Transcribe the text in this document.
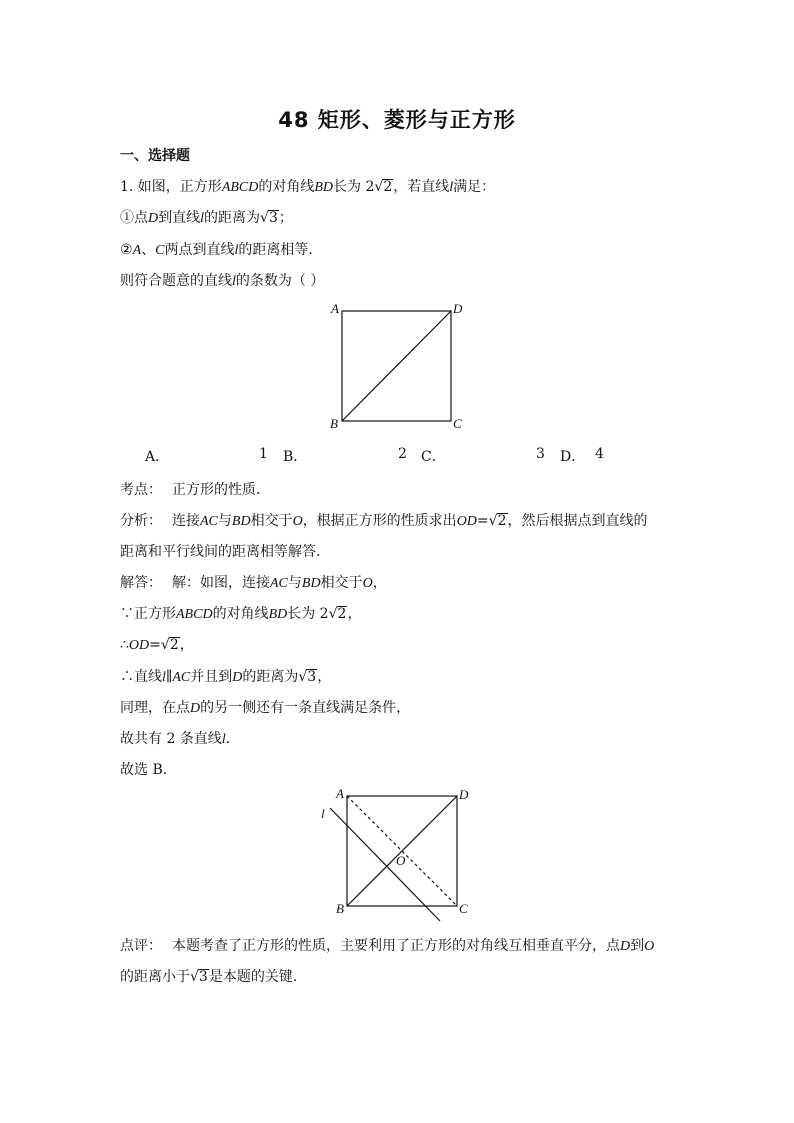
48 矩形、菱形与正方形
一、选择题
1. 如图，正方形ABCD的对角线BD长为 2√2，若直线l满足：
①点D到直线l的距离为√3；
②A、C两点到直线l的距离相等．
则符合题意的直线l的条数为（ ）
A	D
B	C
A．	1 B．	2 C．	3 D． 4
考点： 正方形的性质．
分析： 连接AC与BD相交于O，根据正方形的性质求出OD=√2，然后根据点到直线的
距离和平行线间的距离相等解答．
解答： 解：如图，连接AC与BD相交于O，
∵正方形ABCD的对角线BD长为 2√2，
∴OD=√2，
∴直线l∥AC并且到D的距离为√3，
同理，在点D的另一侧还有一条直线满足条件，
故共有 2 条直线l．
故选 B．
A	D
B	C
O
l
点评： 本题考查了正方形的性质，主要利用了正方形的对角线互相垂直平分，点D到O
的距离小于√3是本题的关键．
